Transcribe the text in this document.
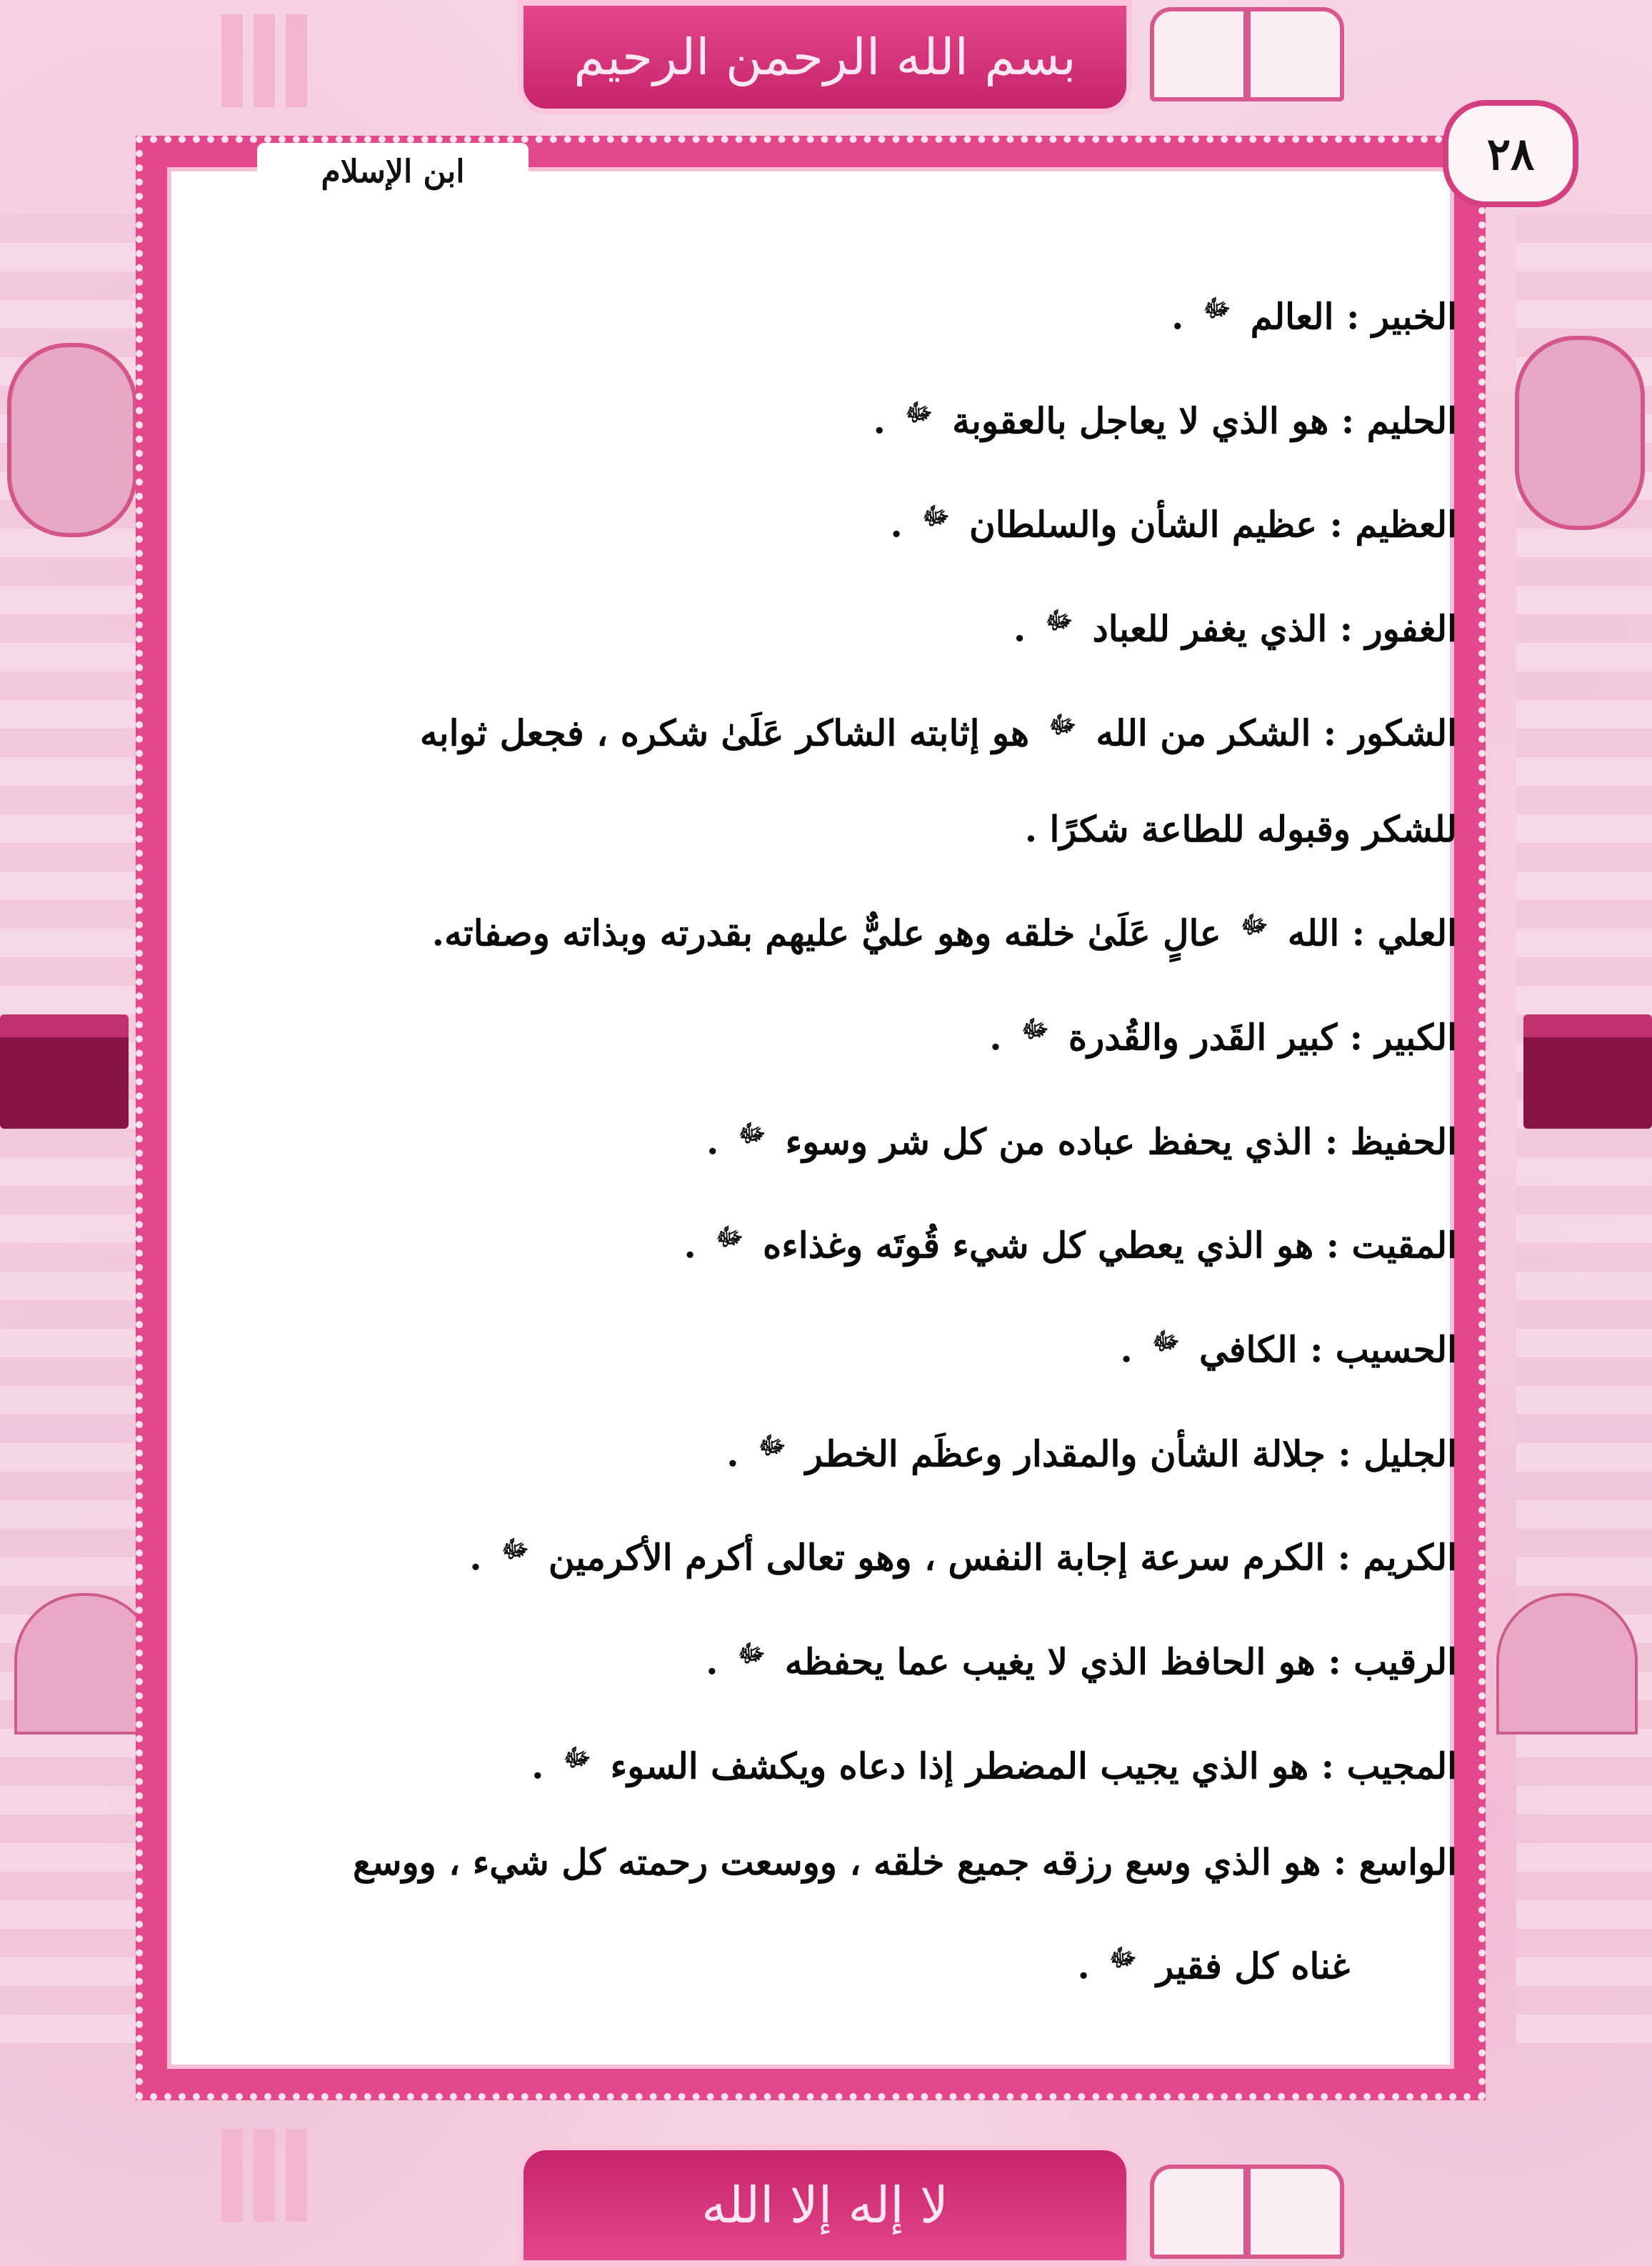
بسم الله الرحمن الرحيم
٢٨
ابن الإسلام

الخبير : العالم $^ﷻ$ .

الحليم : هو الذي لا يعاجل بالعقوبة $^ﷻ$ .

العظيم : عظيم الشأن والسلطان $^ﷻ$ .

الغفور : الذي يغفر للعباد $^ﷻ$ .

الشكور : الشكر من الله $^ﷻ$ هو إثابته الشاكر عَلَىٰ شكره ، فجعل ثوابه

للشكر وقبوله للطاعة شكرًا .

العلي : الله $^ﷻ$ عالٍ عَلَىٰ خلقه وهو عليٌّ عليهم بقدرته وبذاته وصفاته.

الكبير : كبير القَدر والقُدرة $^ﷻ$ .

الحفيظ : الذي يحفظ عباده من كل شر وسوء $^ﷻ$ .

المقيت : هو الذي يعطي كل شيء قُوتَه وغذاءه $^ﷻ$ .

الحسيب : الكافي $^ﷻ$ .

الجليل : جلالة الشأن والمقدار وعظَم الخطر $^ﷻ$ .

الكريم : الكرم سرعة إجابة النفس ، وهو تعالى أكرم الأكرمين $^ﷻ$ .

الرقيب : هو الحافظ الذي لا يغيب عما يحفظه $^ﷻ$ .

المجيب : هو الذي يجيب المضطر إذا دعاه ويكشف السوء $^ﷻ$ .

الواسع : هو الذي وسع رزقه جميع خلقه ، ووسعت رحمته كل شيء ، ووسع

غناه كل فقير $^ﷻ$ .

لا إله إلا الله
